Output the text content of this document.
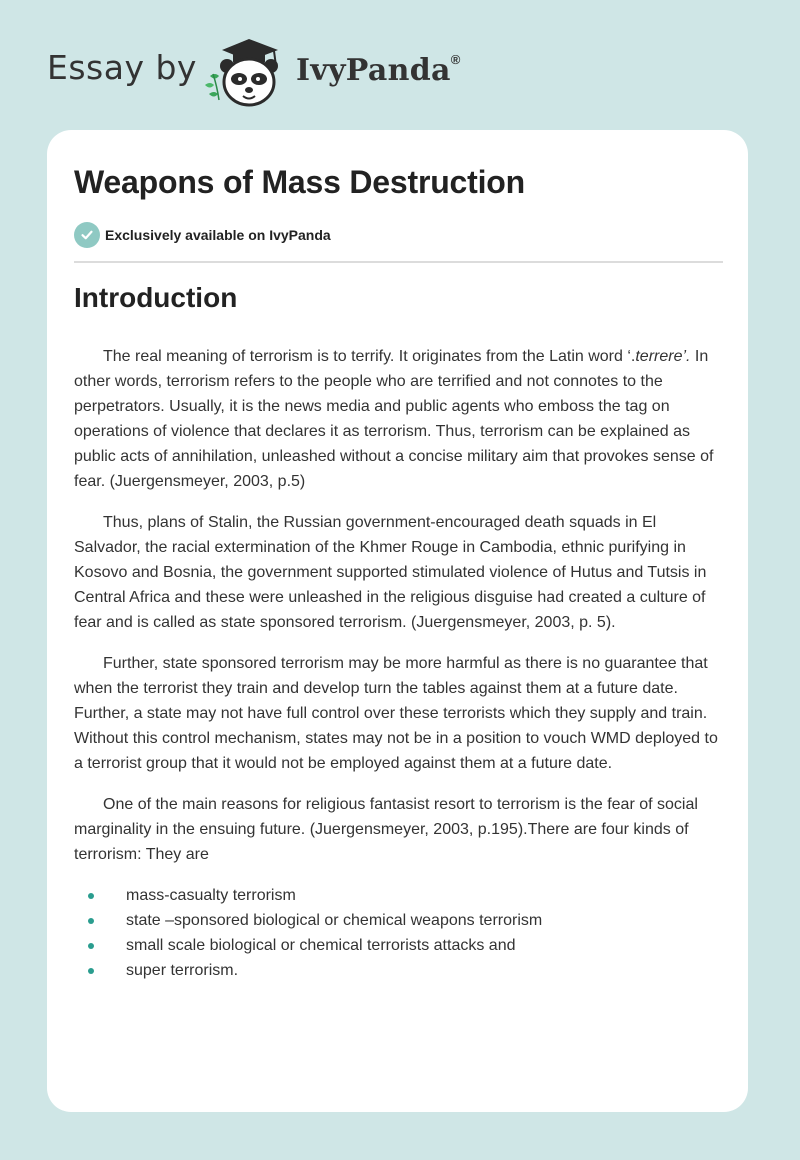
Essay by	IvyPanda®
Weapons of Mass Destruction
Exclusively available on IvyPanda
Introduction

The real meaning of terrorism is to terrify. It originates from the Latin word ‘.terrere’. In other words, terrorism refers to the people who are terrified and not connotes to the perpetrators. Usually, it is the news media and public agents who emboss the tag on operations of violence that declares it as terrorism. Thus, terrorism can be explained as public acts of annihilation, unleashed without a concise military aim that provokes sense of fear. (Juergensmeyer, 2003, p.5)

Thus, plans of Stalin, the Russian government-encouraged death squads in El Salvador, the racial extermination of the Khmer Rouge in Cambodia, ethnic purifying in Kosovo and Bosnia, the government supported stimulated violence of Hutus and Tutsis in Central Africa and these were unleashed in the religious disguise had created a culture of fear and is called as state sponsored terrorism. (Juergensmeyer, 2003, p. 5).

Further, state sponsored terrorism may be more harmful as there is no guarantee that when the terrorist they train and develop turn the tables against them at a future date. Further, a state may not have full control over these terrorists which they supply and train. Without this control mechanism, states may not be in a position to vouch WMD deployed to a terrorist group that it would not be employed against them at a future date.

One of the main reasons for religious fantasist resort to terrorism is the fear of social marginality in the ensuing future. (Juergensmeyer, 2003, p.195).There are four kinds of terrorism: They are

mass-casualty terrorism
state –sponsored biological or chemical weapons terrorism
small scale biological or chemical terrorists attacks and
super terrorism.
